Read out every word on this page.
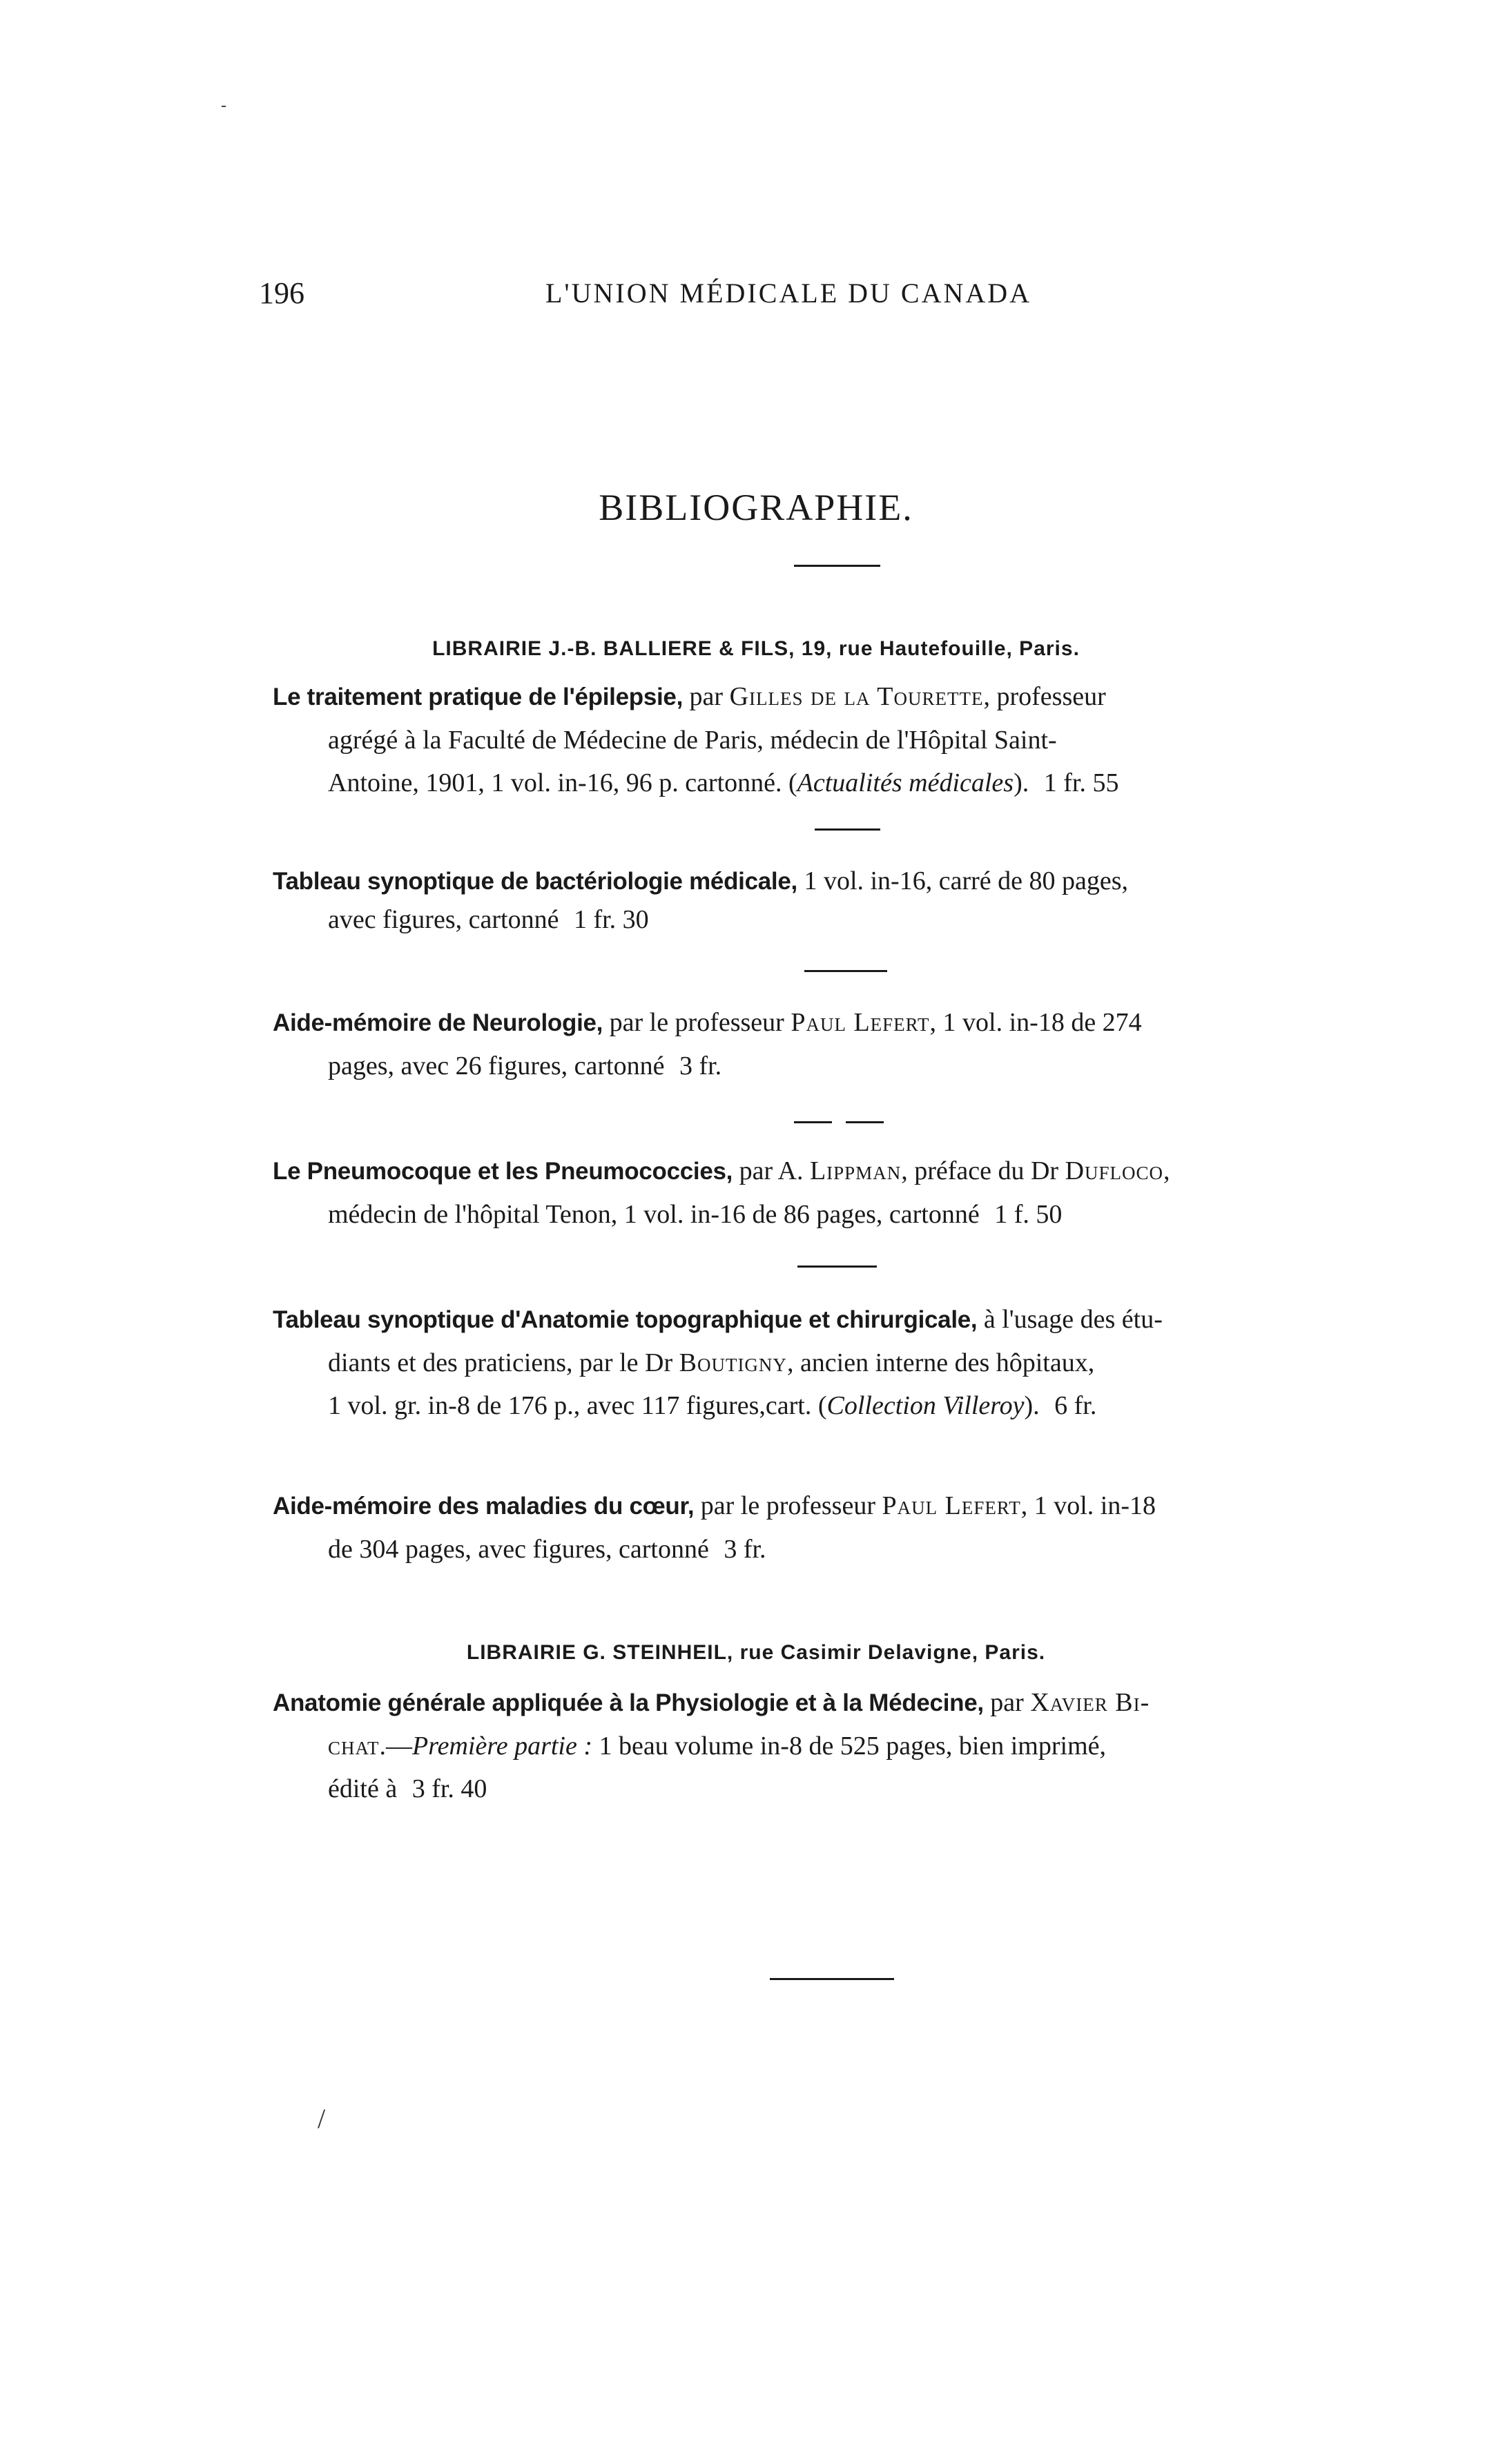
196	L'UNION MÉDICALE DU CANADA
BIBLIOGRAPHIE.
LIBRAIRIE J.-B. BALLIERE & FILS, 19, rue Hautefouille, Paris.
Le traitement pratique de l'épilepsie, par Gilles de la Tourette, professeur
agrégé à la Faculté de Médecine de Paris, médecin de l'Hôpital Saint-
Antoine, 1901, 1 vol. in-16, 96 p. cartonné. (Actualités médicales). 1 fr. 55
Tableau synoptique de bactériologie médicale, 1 vol. in-16, carré de 80 pages,
avec figures, cartonné 1 fr. 30
Aide-mémoire de Neurologie, par le professeur Paul Lefert, 1 vol. in-18 de 274
pages, avec 26 figures, cartonné 3 fr.
Le Pneumocoque et les Pneumococcies, par A. Lippman, préface du Dr Dufloco,
médecin de l'hôpital Tenon, 1 vol. in-16 de 86 pages, cartonné 1 f. 50
Tableau synoptique d'Anatomie topographique et chirurgicale, à l'usage des étu-
diants et des praticiens, par le Dr Boutigny, ancien interne des hôpitaux,
1 vol. gr. in-8 de 176 p., avec 117 figures,cart. (Collection Villeroy). 6 fr.
Aide-mémoire des maladies du cœur, par le professeur Paul Lefert, 1 vol. in-18
de 304 pages, avec figures, cartonné 3 fr.
LIBRAIRIE G. STEINHEIL, rue Casimir Delavigne, Paris.
Anatomie générale appliquée à la Physiologie et à la Médecine, par Xavier Bi-
chat.—Première partie : 1 beau volume in-8 de 525 pages, bien imprimé,
édité à 3 fr. 40
-
/
